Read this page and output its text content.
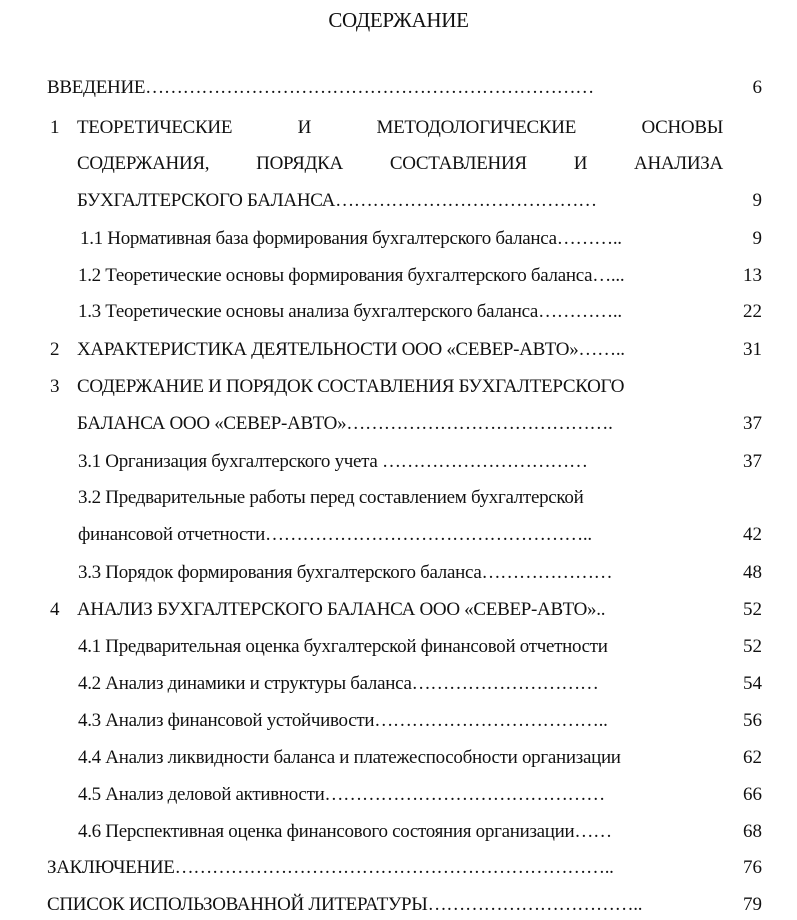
СОДЕРЖАНИЕ
ВВЕДЕНИЕ………………………………………………………………	6
1 ТЕОРЕТИЧЕСКИЕ	И	МЕТОДОЛОГИЧЕСКИЕ	ОСНОВЫ
СОДЕРЖАНИЯ, ПОРЯДКА СОСТАВЛЕНИЯ И АНАЛИЗА
БУХГАЛТЕРСКОГО БАЛАНСА……………………………………	9
1.1 Нормативная база формирования бухгалтерского баланса………..	9
1.2 Теоретические основы формирования бухгалтерского баланса…...	13
1.3 Теоретические основы анализа бухгалтерского баланса…………..	22
2 ХАРАКТЕРИСТИКА ДЕЯТЕЛЬНОСТИ ООО «СЕВЕР-АВТО»……..	31
3 СОДЕРЖАНИЕ И ПОРЯДОК СОСТАВЛЕНИЯ БУХГАЛТЕРСКОГО
БАЛАНСА ООО «СЕВЕР-АВТО»…………………………………….	37
3.1 Организация бухгалтерского учета ……………………………	37
3.2 Предварительные работы перед составлением бухгалтерской
финансовой отчетности……………………………………………..	42
3.3 Порядок формирования бухгалтерского баланса…………………	48
4 АНАЛИЗ БУХГАЛТЕРСКОГО БАЛАНСА ООО «СЕВЕР-АВТО»..	52
4.1 Предварительная оценка бухгалтерской финансовой отчетности	52
4.2 Анализ динамики и структуры баланса…………………………	54
4.3 Анализ финансовой устойчивости………………………………..	56
4.4 Анализ ликвидности баланса и платежеспособности организации	62
4.5 Анализ деловой активности………………………………………	66
4.6 Перспективная оценка финансового состояния организации……	68
ЗАКЛЮЧЕНИЕ……………………………………………………………..	76
СПИСОК ИСПОЛЬЗОВАННОЙ ЛИТЕРАТУРЫ……………………………..	79
